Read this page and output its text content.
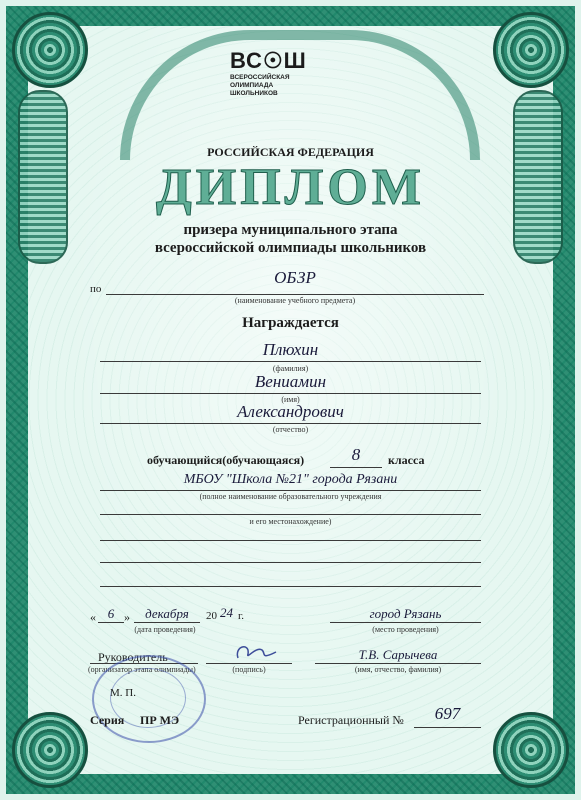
ВС☉Ш
ВСЕРОССИЙСКАЯ
ОЛИМПИАДА
ШКОЛЬНИКОВ
РОССИЙСКАЯ ФЕДЕРАЦИЯ
ДИПЛОМ
призера муниципального этапа
всероссийской олимпиады школьников
по
ОБЗР
(наименование учебного предмета)
Награждается
Плюхин
(фамилия)
Вениамин
(имя)
Александрович
(отчество)
обучающийся(обучающаяся)	8	класса
МБОУ "Школа №21" города Рязани
(полное наименование образовательного учреждения
и его местонахождение)
« 6 »	декабря	20 24 г.
(дата проведения)
город Рязань
(место проведения)
Руководитель
(организатор этапа олимпиады)	(подпись)
Т.В. Сарычева
(имя, отчество, фамилия)
М. П.
Серия ПР МЭ	Регистрационный №	697
